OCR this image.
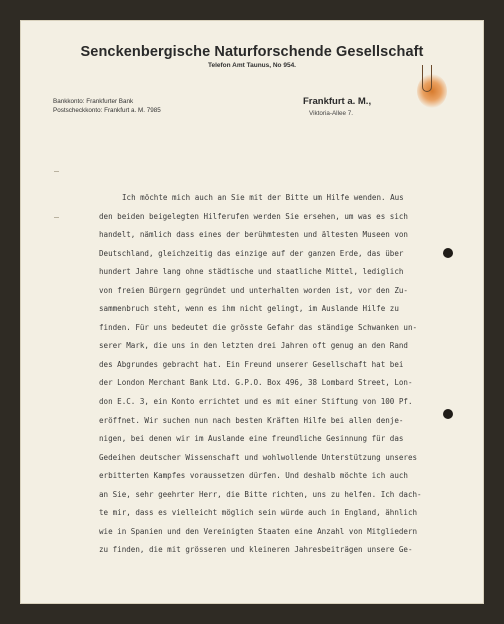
Senckenbergische Naturforschende Gesellschaft
Telefon Amt Taunus, No 954.
Bankkonto: Frankfurter Bank
Postscheckkonto: Frankfurt a. M. 7985
Frankfurt a. M.,
Viktoria-Allee 7.
Ich möchte mich auch an Sie mit der Bitte um Hilfe wenden. Aus
den beiden beigelegten Hilferufen werden Sie ersehen, um was es sich
handelt, nämlich dass eines der berühmtesten und ältesten Museen von
Deutschland, gleichzeitig das einzige auf der ganzen Erde, das über
hundert Jahre lang ohne städtische und staatliche Mittel, lediglich
von freien Bürgern gegründet und unterhalten worden ist, vor den Zu-
sammenbruch steht, wenn es ihm nicht gelingt, im Auslande Hilfe zu
finden. Für uns bedeutet die grösste Gefahr das ständige Schwanken un-
serer Mark, die uns in den letzten drei Jahren oft genug an den Rand
des Abgrundes gebracht hat. Ein Freund unserer Gesellschaft hat bei
der London Merchant Bank Ltd. G.P.O. Box 496, 38 Lombard Street, Lon-
don E.C. 3, ein Konto errichtet und es mit einer Stiftung von 100 Pf.
eröffnet. Wir suchen nun nach besten Kräften Hilfe bei allen denje-
nigen, bei denen wir im Auslande eine freundliche Gesinnung für das
Gedeihen deutscher Wissenschaft und wohlwollende Unterstützung unseres
erbitterten Kampfes voraussetzen dürfen. Und deshalb möchte ich auch
an Sie, sehr geehrter Herr, die Bitte richten, uns zu helfen. Ich dach-
te mir, dass es vielleicht möglich sein würde auch in England, ähnlich
wie in Spanien und den Vereinigten Staaten eine Anzahl von Mitgliedern
zu finden, die mit grösseren und kleineren Jahresbeiträgen unsere Ge-
